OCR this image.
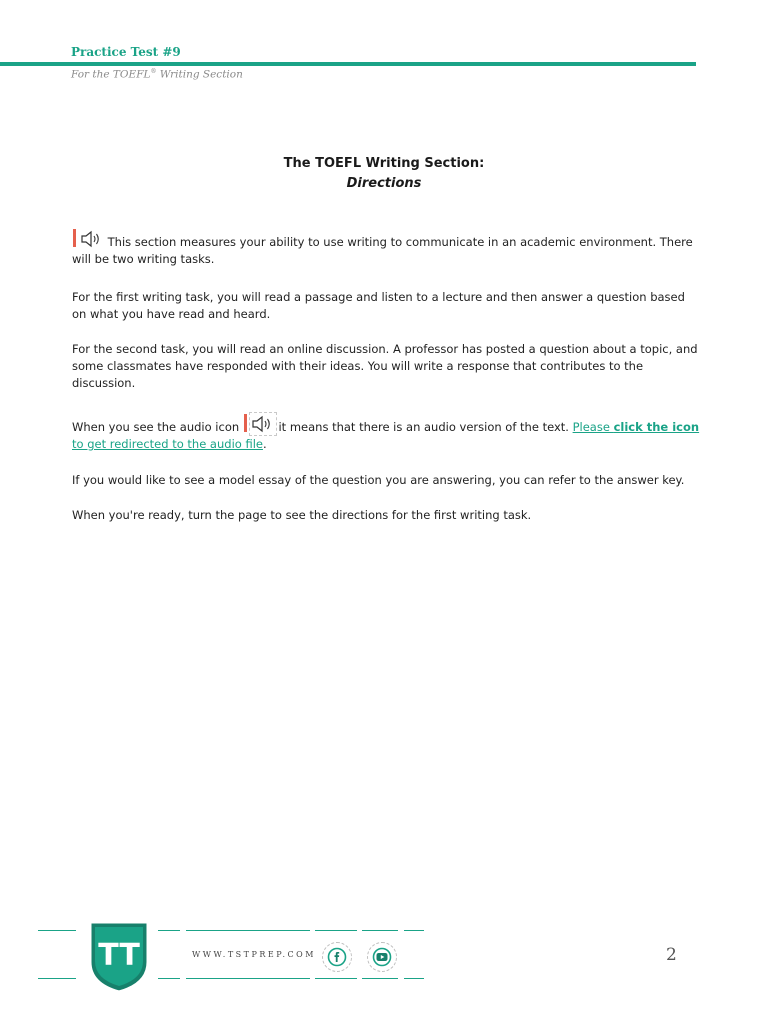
Practice Test #9
For the TOEFL® Writing Section
The TOEFL Writing Section:
Directions

This section measures your ability to use writing to communicate in an academic environment. There will be two writing tasks.

For the first writing task, you will read a passage and listen to a lecture and then answer a question based on what you have read and heard.

For the second task, you will read an online discussion. A professor has posted a question about a topic, and some classmates have responded with their ideas. You will write a response that contributes to the discussion.

When you see the audio icon	it means that there is an audio version of the text. Please click the icon to get redirected to the audio file.

If you would like to see a model essay of the question you are answering, you can refer to the answer key.

When you're ready, turn the page to see the directions for the first writing task.

TT	WWW.TSTPREP.COM	2
